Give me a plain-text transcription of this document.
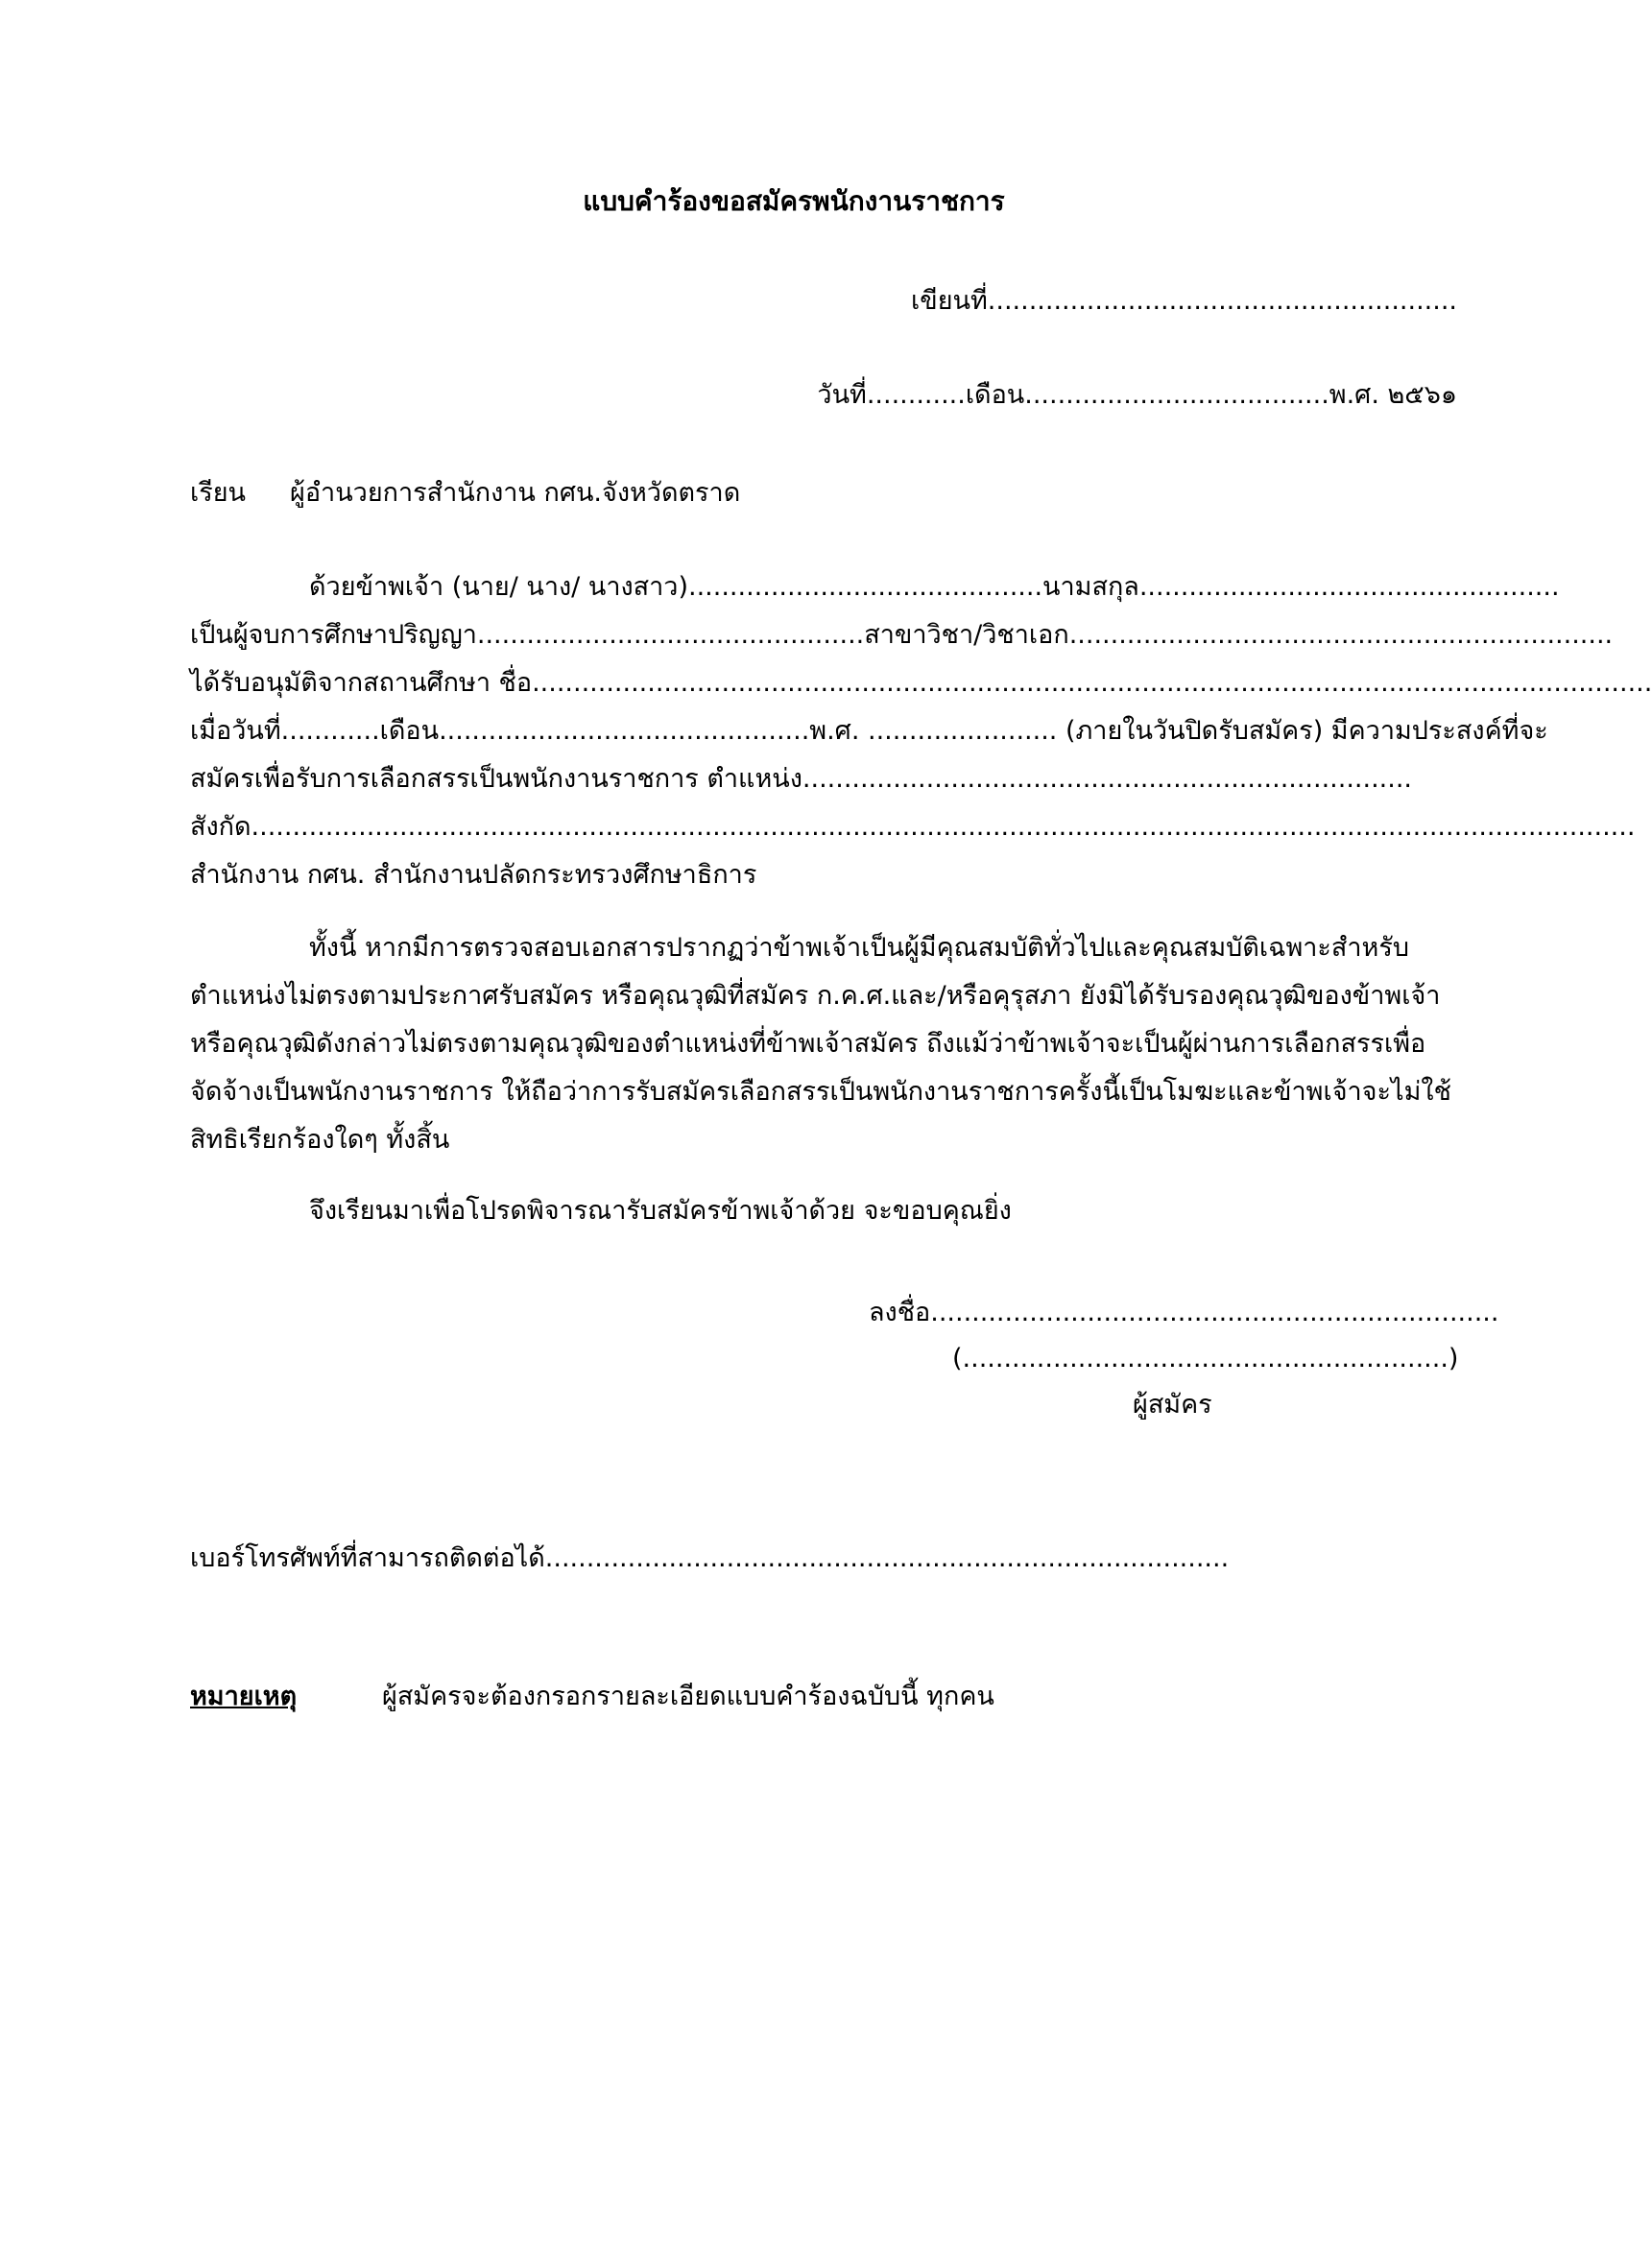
แบบคำร้องขอสมัครพนักงานราชการ
เขียนที่.........................................................
วันที่............เดือน.....................................พ.ศ. ๒๕๖๑
เรียน ผู้อำนวยการสำนักงาน กศน.จังหวัดตราด
ด้วยข้าพเจ้า (นาย/ นาง/ นางสาว)...........................................นามสกุล...................................................
เป็นผู้จบการศึกษาปริญญา...............................................สาขาวิชา/วิชาเอก..................................................................
ได้รับอนุมัติจากสถานศึกษา ชื่อ........................................................................................................................................
เมื่อวันที่............เดือน.............................................พ.ศ. ....................... (ภายในวันปิดรับสมัคร) มีความประสงค์ที่จะ
สมัครเพื่อรับการเลือกสรรเป็นพนักงานราชการ ตำแหน่ง..........................................................................
สังกัด........................................................................................................................................................................
สำนักงาน กศน. สำนักงานปลัดกระทรวงศึกษาธิการ
ทั้งนี้ หากมีการตรวจสอบเอกสารปรากฏว่าข้าพเจ้าเป็นผู้มีคุณสมบัติทั่วไปและคุณสมบัติเฉพาะสำหรับ
ตำแหน่งไม่ตรงตามประกาศรับสมัคร หรือคุณวุฒิที่สมัคร ก.ค.ศ.และ/หรือคุรุสภา ยังมิได้รับรองคุณวุฒิของข้าพเจ้า
หรือคุณวุฒิดังกล่าวไม่ตรงตามคุณวุฒิของตำแหน่งที่ข้าพเจ้าสมัคร ถึงแม้ว่าข้าพเจ้าจะเป็นผู้ผ่านการเลือกสรรเพื่อ
จัดจ้างเป็นพนักงานราชการ ให้ถือว่าการรับสมัครเลือกสรรเป็นพนักงานราชการครั้งนี้เป็นโมฆะและข้าพเจ้าจะไม่ใช้
สิทธิเรียกร้องใดๆ ทั้งสิ้น
จึงเรียนมาเพื่อโปรดพิจารณารับสมัครข้าพเจ้าด้วย จะขอบคุณยิ่ง
ลงชื่อ.....................................................................
(...........................................................)
ผู้สมัคร
เบอร์โทรศัพท์ที่สามารถติดต่อได้...................................................................................
หมายเหตุ	ผู้สมัครจะต้องกรอกรายละเอียดแบบคำร้องฉบับนี้ ทุกคน
